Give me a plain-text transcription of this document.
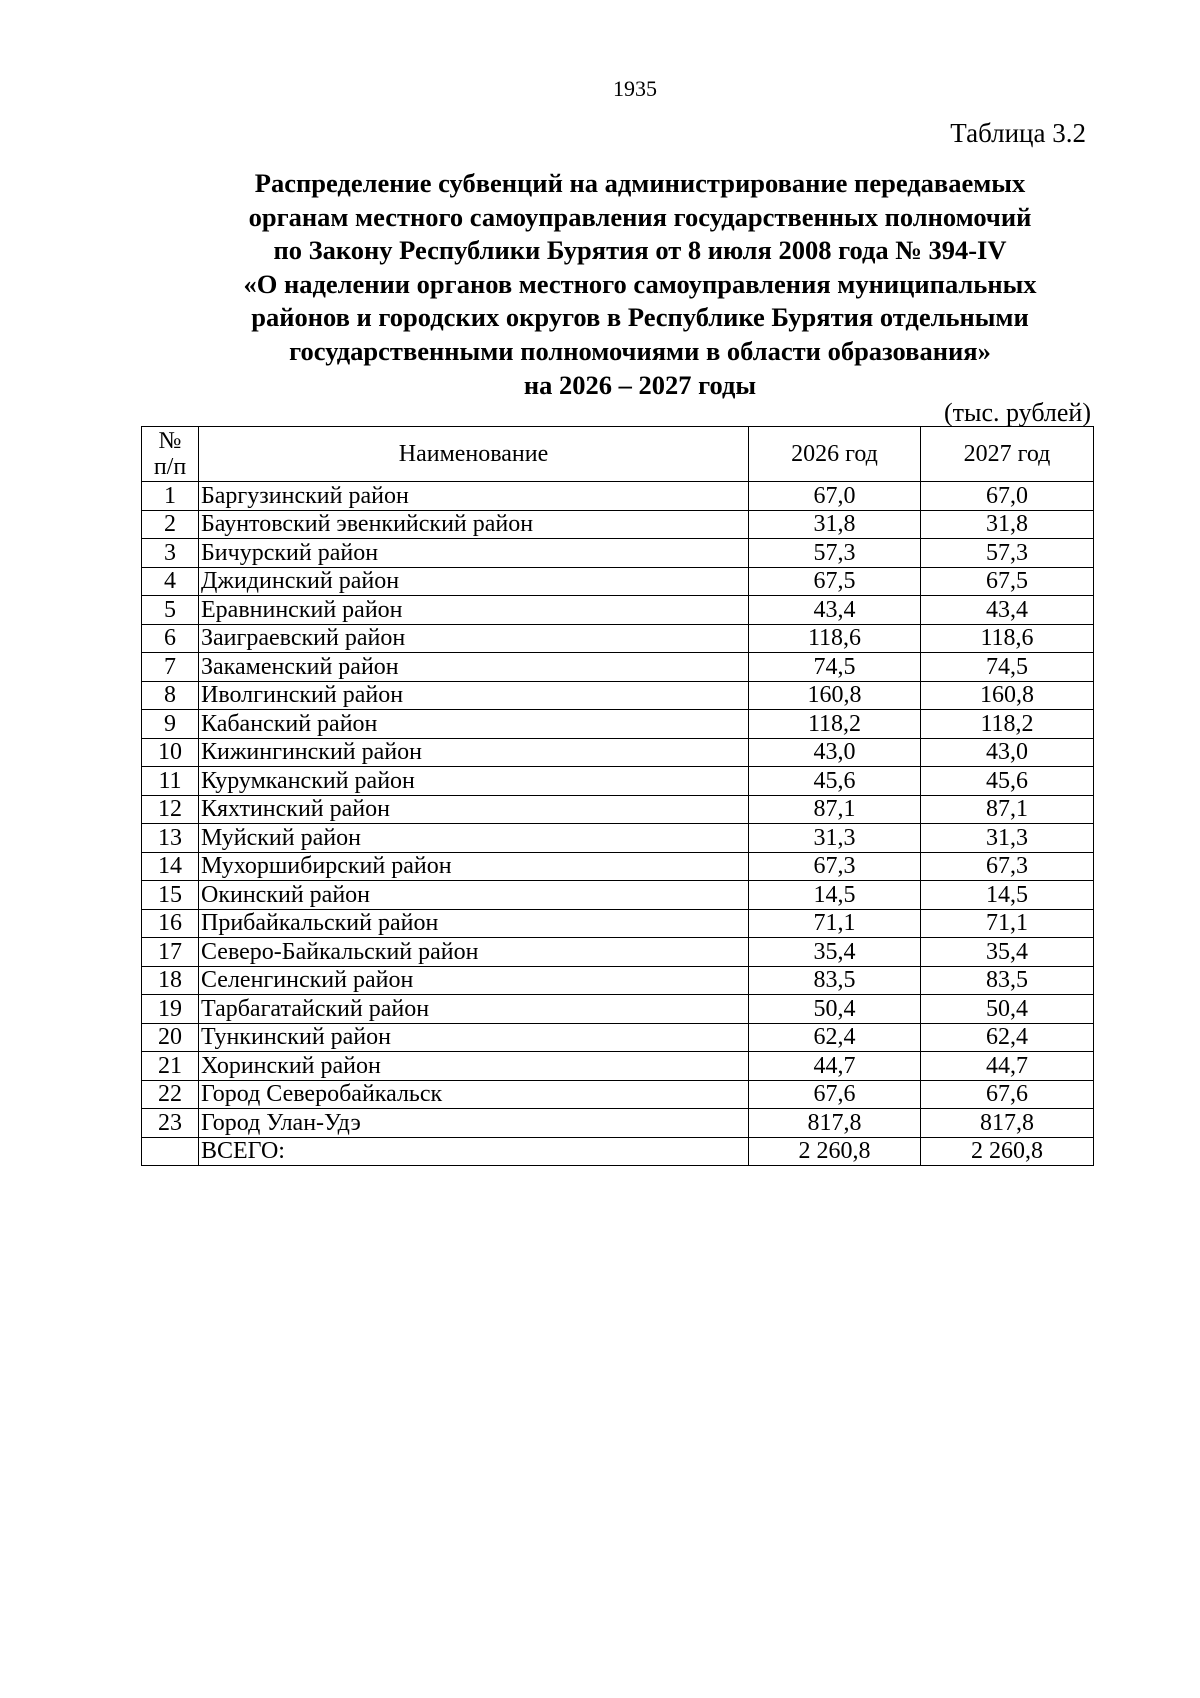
1935
Таблица 3.2
Распределение субвенций на администрирование передаваемых
органам местного самоуправления государственных полномочий
по Закону Республики Бурятия от 8 июля 2008 года № 394-IV
«О наделении органов местного самоуправления муниципальных
районов и городских округов в Республике Бурятия отдельными
государственными полномочиями в области образования»
на 2026 – 2027 годы
(тыс. рублей)
№
п/п	Наименование	2026 год	2027 год
1	Баргузинский район	67,0	67,0
2	Баунтовский эвенкийский район	31,8	31,8
3	Бичурский район	57,3	57,3
4	Джидинский район	67,5	67,5
5	Еравнинский район	43,4	43,4
6	Заиграевский район	118,6	118,6
7	Закаменский район	74,5	74,5
8	Иволгинский район	160,8	160,8
9	Кабанский район	118,2	118,2
10	Кижингинский район	43,0	43,0
11	Курумканский район	45,6	45,6
12	Кяхтинский район	87,1	87,1
13	Муйский район	31,3	31,3
14	Мухоршибирский район	67,3	67,3
15	Окинский район	14,5	14,5
16	Прибайкальский район	71,1	71,1
17	Северо-Байкальский район	35,4	35,4
18	Селенгинский район	83,5	83,5
19	Тарбагатайский район	50,4	50,4
20	Тункинский район	62,4	62,4
21	Хоринский район	44,7	44,7
22	Город Северобайкальск	67,6	67,6
23	Город Улан-Удэ	817,8	817,8
	ВСЕГО:	2 260,8	2 260,8
